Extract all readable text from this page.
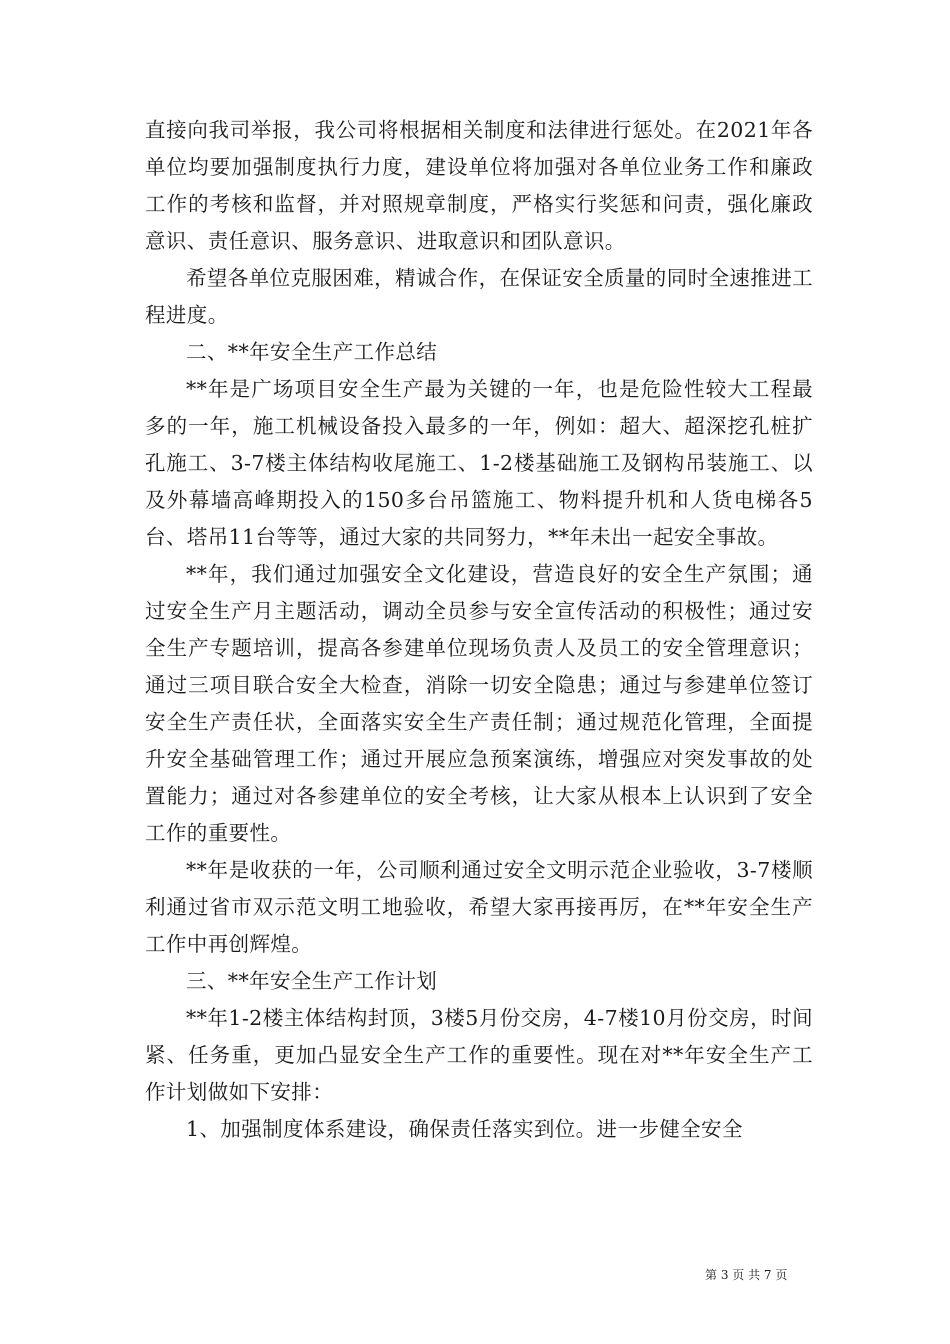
直接向我司举报，我公司将根据相关制度和法律进行惩处。在2021年各单位均要加强制度执行力度，建设单位将加强对各单位业务工作和廉政工作的考核和监督，并对照规章制度，严格实行奖惩和问责，强化廉政意识、责任意识、服务意识、进取意识和团队意识。

希望各单位克服困难，精诚合作，在保证安全质量的同时全速推进工程进度。

二、**年安全生产工作总结

**年是广场项目安全生产最为关键的一年，也是危险性较大工程最多的一年，施工机械设备投入最多的一年，例如：超大、超深挖孔桩扩孔施工、3-7楼主体结构收尾施工、1-2楼基础施工及钢构吊装施工、以及外幕墙高峰期投入的150多台吊篮施工、物料提升机和人货电梯各5台、塔吊11台等等，通过大家的共同努力，**年未出一起安全事故。

**年，我们通过加强安全文化建设，营造良好的安全生产氛围；通过安全生产月主题活动，调动全员参与安全宣传活动的积极性；通过安全生产专题培训，提高各参建单位现场负责人及员工的安全管理意识；通过三项目联合安全大检查，消除一切安全隐患；通过与参建单位签订安全生产责任状，全面落实安全生产责任制；通过规范化管理，全面提升安全基础管理工作；通过开展应急预案演练，增强应对突发事故的处置能力；通过对各参建单位的安全考核，让大家从根本上认识到了安全工作的重要性。

**年是收获的一年，公司顺利通过安全文明示范企业验收，3-7楼顺利通过省市双示范文明工地验收，希望大家再接再厉，在**年安全生产工作中再创辉煌。

三、**年安全生产工作计划

**年1-2楼主体结构封顶，3楼5月份交房，4-7楼10月份交房，时间紧、任务重，更加凸显安全生产工作的重要性。现在对**年安全生产工作计划做如下安排：

1、加强制度体系建设，确保责任落实到位。进一步健全安全

第 3 页 共 7 页
